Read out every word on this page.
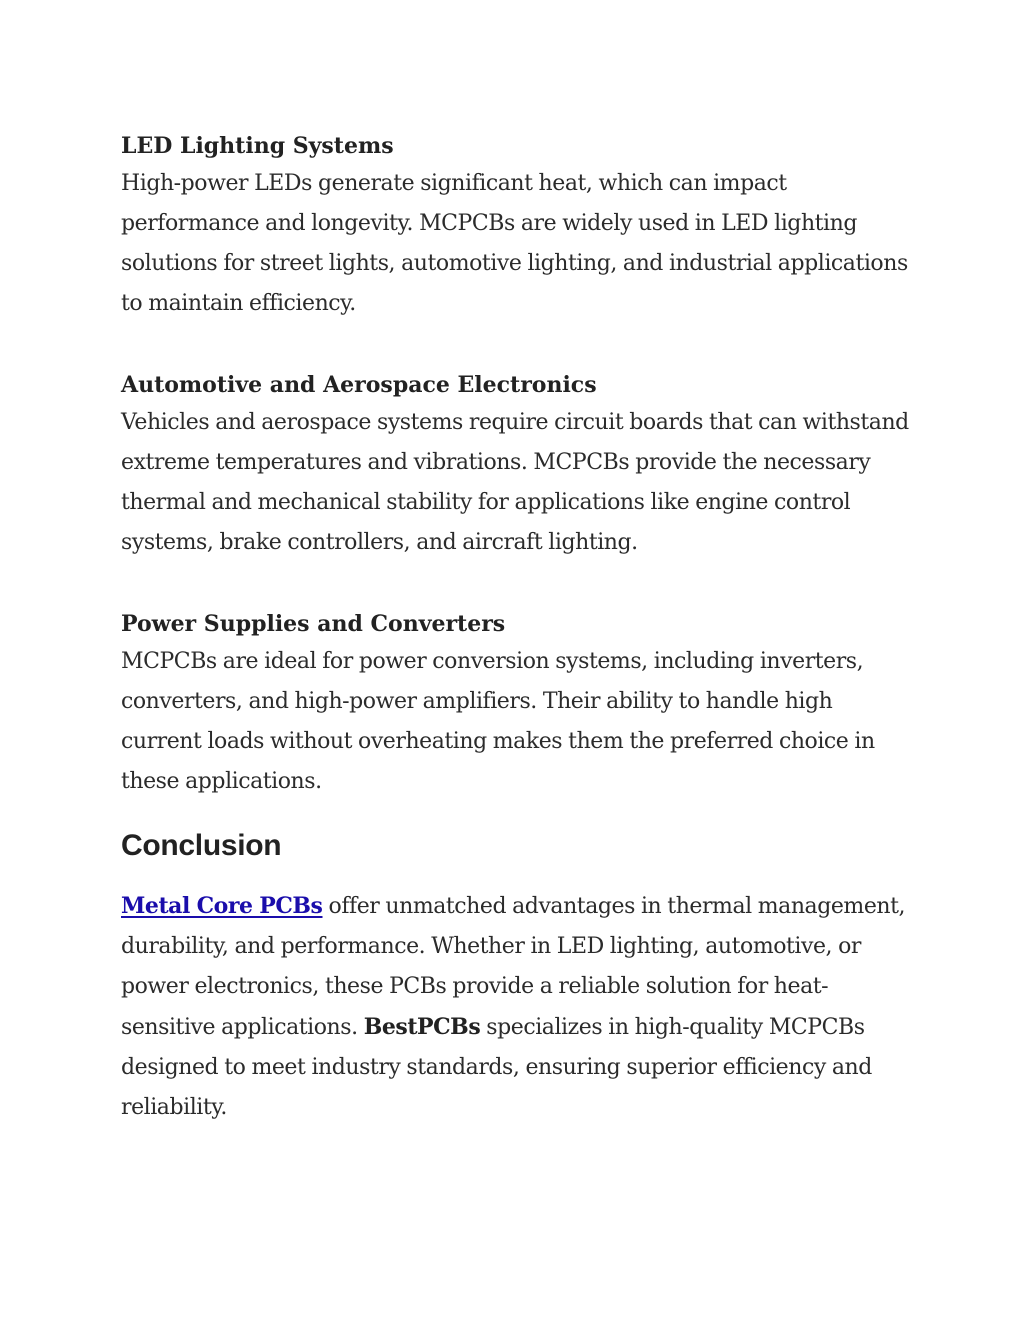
LED Lighting Systems

High-power LEDs generate significant heat, which can impact performance and longevity. MCPCBs are widely used in LED lighting solutions for street lights, automotive lighting, and industrial applications to maintain efficiency.

Automotive and Aerospace Electronics

Vehicles and aerospace systems require circuit boards that can withstand extreme temperatures and vibrations. MCPCBs provide the necessary thermal and mechanical stability for applications like engine control systems, brake controllers, and aircraft lighting.

Power Supplies and Converters

MCPCBs are ideal for power conversion systems, including inverters, converters, and high-power amplifiers. Their ability to handle high current loads without overheating makes them the preferred choice in these applications.

Conclusion

Metal Core PCBs offer unmatched advantages in thermal management, durability, and performance. Whether in LED lighting, automotive, or power electronics, these PCBs provide a reliable solution for heat-sensitive applications. BestPCBs specializes in high-quality MCPCBs designed to meet industry standards, ensuring superior efficiency and reliability.
